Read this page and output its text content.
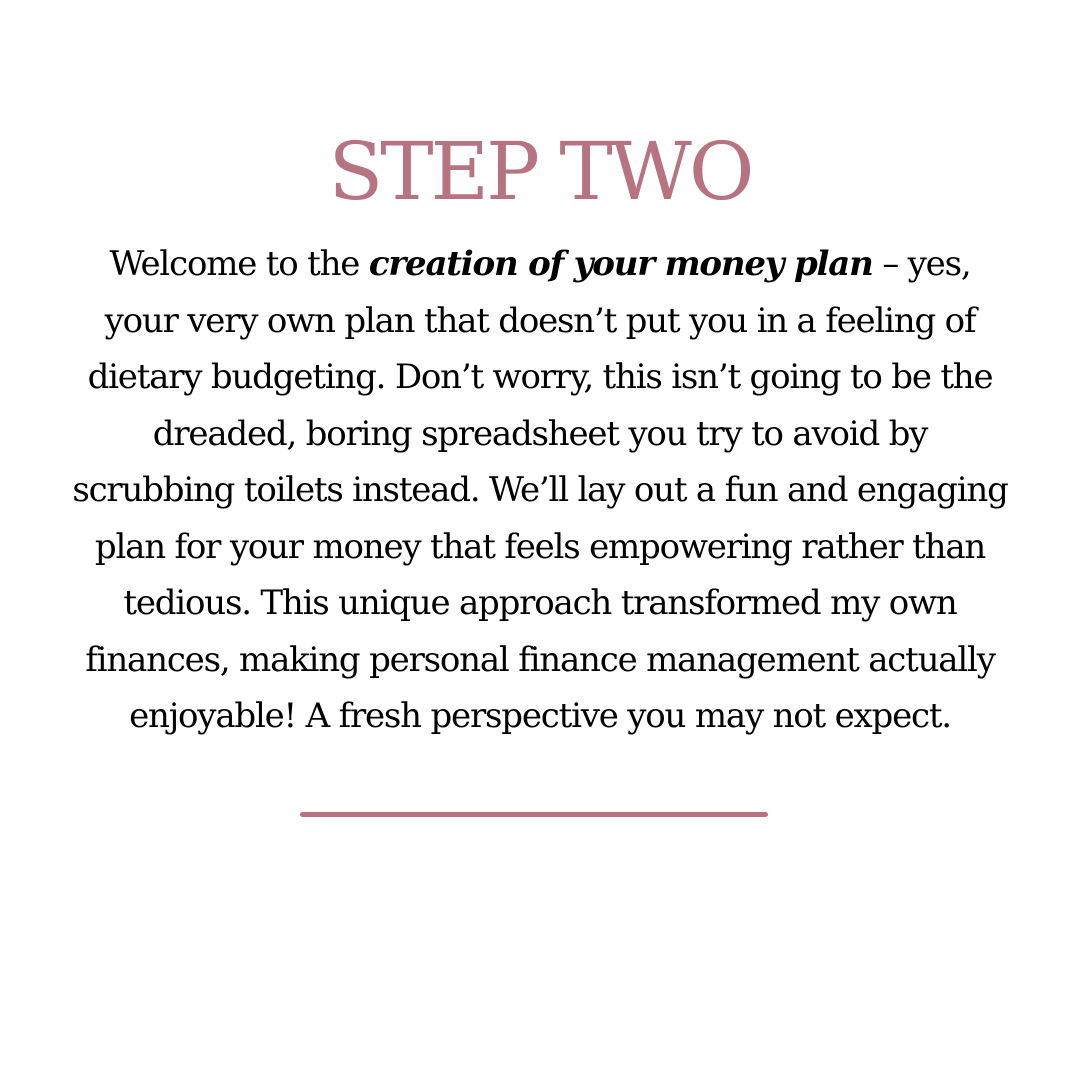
STEP TWO

Welcome to the creation of your money plan – yes, your very own plan that doesn’t put you in a feeling of dietary budgeting. Don’t worry, this isn’t going to be the dreaded, boring spreadsheet you try to avoid by scrubbing toilets instead. We’ll lay out a fun and engaging plan for your money that feels empowering rather than tedious. This unique approach transformed my own finances, making personal finance management actually enjoyable! A fresh perspective you may not expect.
